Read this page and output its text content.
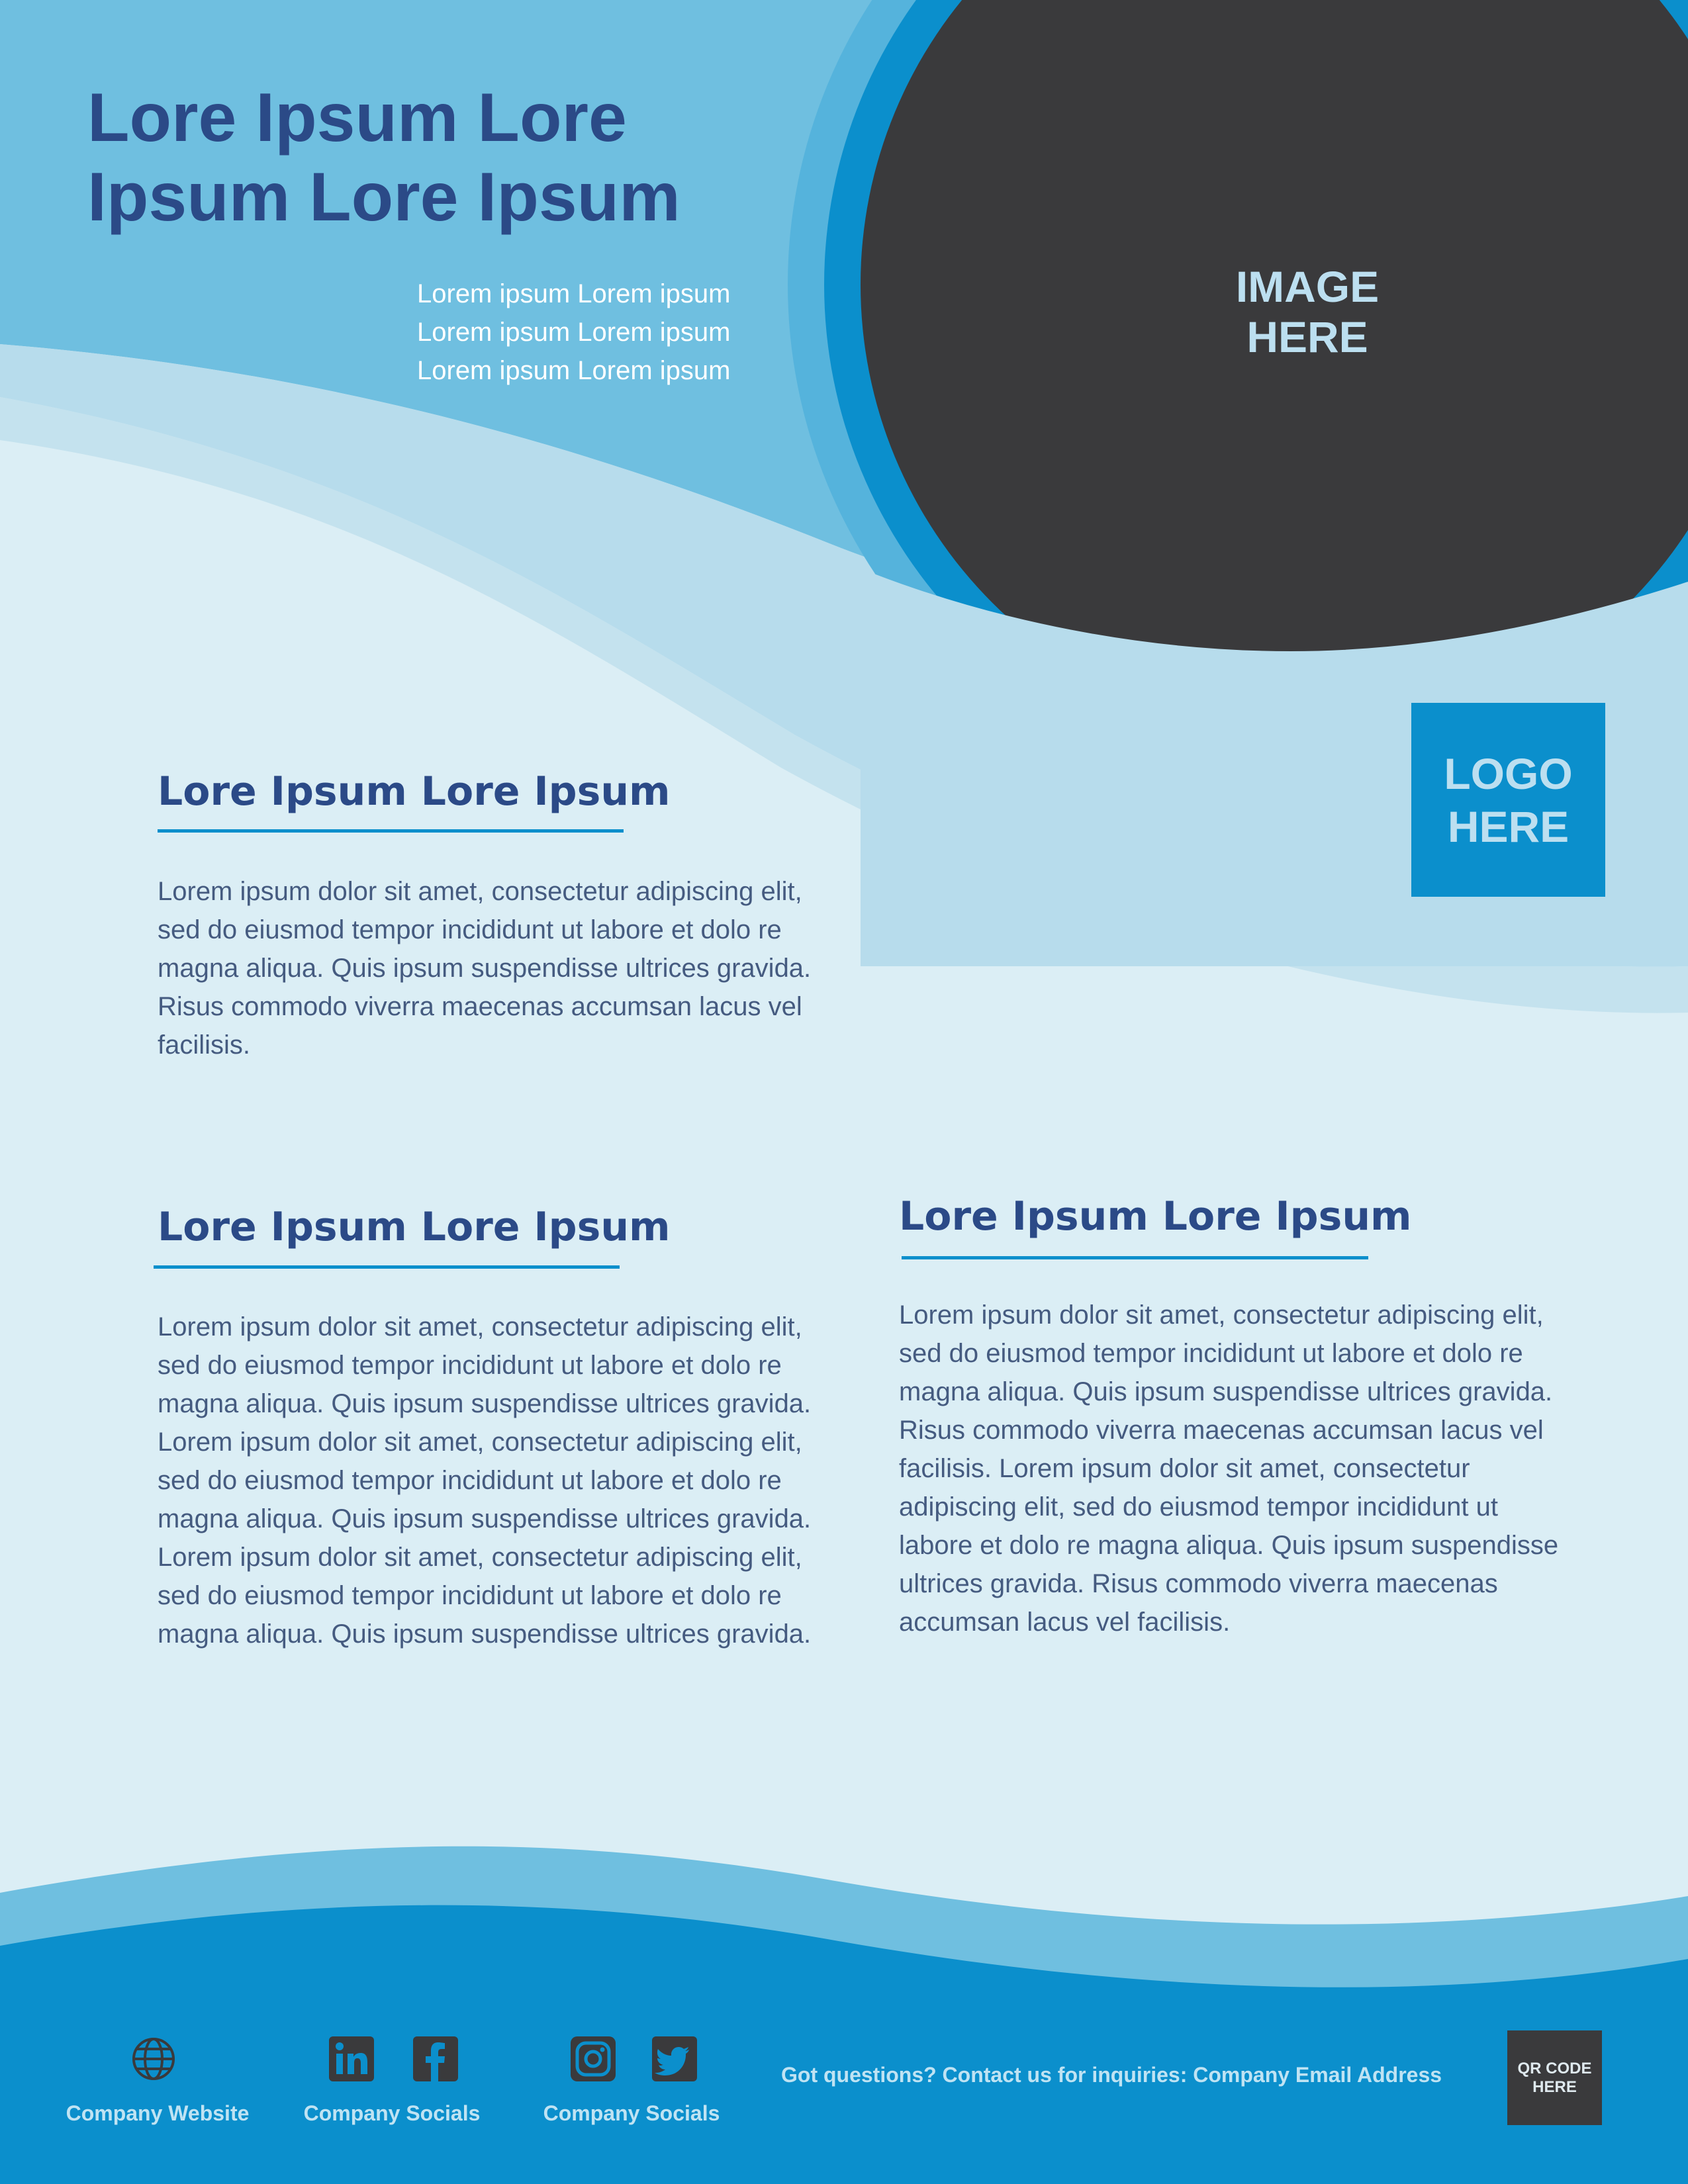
Lore Ipsum Lore Ipsum Lore Ipsum
Lorem ipsum Lorem ipsum
Lorem ipsum Lorem ipsum
Lorem ipsum Lorem ipsum
IMAGE HERE
LOGO HERE
Lore Ipsum Lore Ipsum

Lorem ipsum dolor sit amet, consectetur adipiscing elit, sed do eiusmod tempor incididunt ut labore et dolo re magna aliqua. Quis ipsum suspendisse ultrices gravida. Risus commodo viverra maecenas accumsan lacus vel facilisis.

Lore Ipsum Lore Ipsum

Lorem ipsum dolor sit amet, consectetur adipiscing elit, sed do eiusmod tempor incididunt ut labore et dolo re magna aliqua. Quis ipsum suspendisse ultrices gravida. Lorem ipsum dolor sit amet, consectetur adipiscing elit, sed do eiusmod tempor incididunt ut labore et dolo re magna aliqua. Quis ipsum suspendisse ultrices gravida. Lorem ipsum dolor sit amet, consectetur adipiscing elit, sed do eiusmod tempor incididunt ut labore et dolo re magna aliqua. Quis ipsum suspendisse ultrices gravida.

Lore Ipsum Lore Ipsum

Lorem ipsum dolor sit amet, consectetur adipiscing elit, sed do eiusmod tempor incididunt ut labore et dolo re magna aliqua. Quis ipsum suspendisse ultrices gravida. Risus commodo viverra maecenas accumsan lacus vel facilisis. Lorem ipsum dolor sit amet, consectetur adipiscing elit, sed do eiusmod tempor incididunt ut labore et dolo re magna aliqua. Quis ipsum suspendisse ultrices gravida. Risus commodo viverra maecenas accumsan lacus vel facilisis.

Company Website	Company Socials	Company Socials
Got questions? Contact us for inquiries: Company Email Address	QR CODE HERE
